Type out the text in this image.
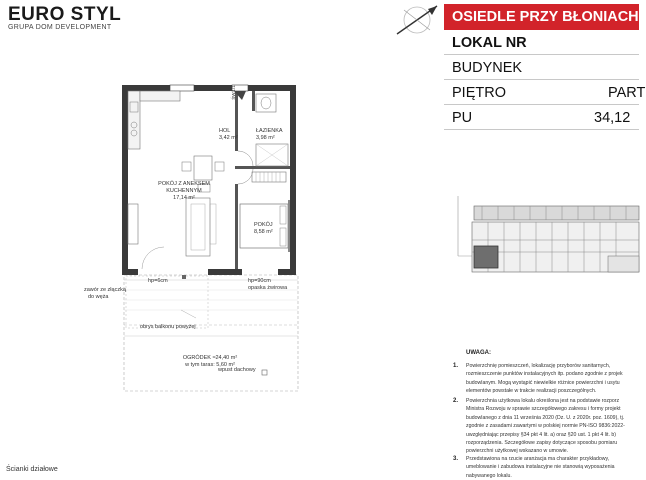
EURO STYL
GRUPA DOM DEVELOPMENT
OSIEDLE PRZY BŁONIACH
LOKAL NR
BUDYNEK
PIĘTRO	PART
PU	34,12
POKÓJ Z ANEKSEM
KUCHENNYM
17,14 m²
HOL
3,42 m²
ŁAZIENKA
3,98 m²
POKÓJ
8,58 m²
ŚW.1/1
hp=6cm	hp=90cm
opaska żwirowa
zawór ze złączką
do węża
obrys balkonu powyżej
ОGRÓDEK ≈24,40 m²
w tym taras: 5,60 m²
wpust dachowy
UWAGA:
1. Powierzchnię pomieszczeń, lokalizację przyborów sanitarnych,
rozmieszczenie punktów instalacyjnych itp. podano zgodnie z projek
budowlanym. Mogą wystąpić niewielkie różnice powierzchni i usytu
elementów powstałe w trakcie realizacji poszczególnych.
2. Powierzchnia użytkowa lokalu określona jest na podstawie rozporz
Ministra Rozwoju w sprawie szczegółowego zakresu i formy projekt
budowlanego z dnia 11 września 2020 (Dz. U. z 2020r. poz. 1609), tj.
zgodnie z zasadami zawartymi w polskiej normie PN-ISO 9836:2022-
uwzględniając przepisy §34 pkt 4 lit. a) oraz §20 ust. 1 pkt 4 lit. b)
rozporządzenia. Szczegółowe zapisy dotyczące sposobu pomiaru
powierzchni użytkowej wskazano w umowie.
3. Przedstawiona na rzucie aranżacja ma charakter przykładowy,
umeblowanie i zabudowa instalacyjne nie stanowią wyposażenia
nabywanego lokalu.
Ścianki działowe
